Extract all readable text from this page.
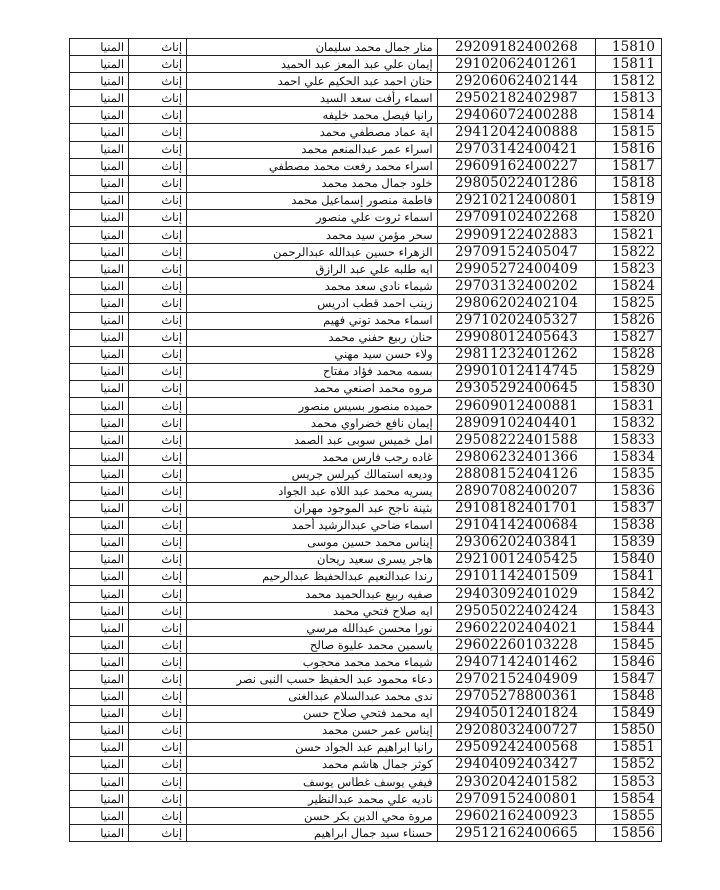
المنيا	إناث	منار جمال محمد سليمان	29209182400268	15810
المنيا	إناث	إيمان علي عبد المعز عبد الحميد	29102062401261	15811
المنيا	إناث	حنان احمد عبد الحكيم علي احمد	29206062402144	15812
المنيا	إناث	اسماء رأفت سعد السيد	29502182402987	15813
المنيا	إناث	رانيا فيصل محمد خليفه	29406072400288	15814
المنيا	إناث	اية عماد مصطفي محمد	29412042400888	15815
المنيا	إناث	اسراء عمر عبدالمنعم محمد	29703142400421	15816
المنيا	إناث	اسراء محمد رفعت محمد مصطفي	29609162400227	15817
المنيا	إناث	خلود جمال محمد محمد	29805022401286	15818
المنيا	إناث	فاطمة منصور إسماعيل محمد	29210212400801	15819
المنيا	إناث	اسماء ثروت علي منصور	29709102402268	15820
المنيا	إناث	سحر مؤمن سيد محمد	29909122402883	15821
المنيا	إناث	الزهراء حسين عبدالله عبدالرحمن	29709152405047	15822
المنيا	إناث	ايه طلبه علي عبد الرازق	29905272400409	15823
المنيا	إناث	شيماء نادى سعد محمد	29703132400202	15824
المنيا	إناث	زينب احمد قطب ادريس	29806202402104	15825
المنيا	إناث	اسماء محمد توني فهيم	29710202405327	15826
المنيا	إناث	حنان ربيع حفني محمد	29908012405643	15827
المنيا	إناث	ولاء حسن سيد مهني	29811232401262	15828
المنيا	إناث	بسمه محمد فؤاد مفتاح	29901012414745	15829
المنيا	إناث	مروه محمد اصنعي محمد	29305292400645	15830
المنيا	إناث	حميده منصور بسيس منصور	29609012400881	15831
المنيا	إناث	إيمان نافع خضراوي محمد	28909102404401	15832
المنيا	إناث	امل خميس سوبى عبد الصمد	29508222401588	15833
المنيا	إناث	غاده رجب فارس محمد	29806232401366	15834
المنيا	إناث	وديعه استمالك كيرلس جريس	28808152404126	15835
المنيا	إناث	يسريه محمد عبد اللاه عبد الجواد	28907082400207	15836
المنيا	إناث	بثينة ناجح عبد الموجود مهران	29108182401701	15837
المنيا	إناث	اسماء ضاحي عبدالرشيد أحمد	29104142400684	15838
المنيا	إناث	إيناس محمد حسين موسى	29306202403841	15839
المنيا	إناث	هاجر يسرى سعيد ريحان	29210012405425	15840
المنيا	إناث	رندا عبدالنعيم عبدالحفيظ عبدالرحيم	29101142401509	15841
المنيا	إناث	صفيه ربيع عبدالحميد محمد	29403092401029	15842
المنيا	إناث	ايه صلاح فتحي محمد	29505022402424	15843
المنيا	إناث	نورا محسن عبدالله مرسي	29602202404021	15844
المنيا	إناث	ياسمين محمد عليوة صالح	29602260103228	15845
المنيا	إناث	شيماء محمد محمد محجوب	29407142401462	15846
المنيا	إناث	دعاء محمود عبد الحفيظ حسب النبى نصر	29702152404909	15847
المنيا	إناث	ندى محمد عبدالسلام عبدالغنى	29705278800361	15848
المنيا	إناث	ايه محمد فتحي صلاح حسن	29405012401824	15849
المنيا	إناث	إيناس عمر حسن محمد	29208032400727	15850
المنيا	إناث	رانيا ابراهيم عبد الجواد حسن	29509242400568	15851
المنيا	إناث	كوثر جمال هاشم محمد	29404092403427	15852
المنيا	إناث	فيفي يوسف غطاس يوسف	29302042401582	15853
المنيا	إناث	ناديه علي محمد عبدالنظير	29709152400801	15854
المنيا	إناث	مروة محي الدين بكر حسن	29602162400923	15855
المنيا	إناث	حسناء سيد جمال ابراهيم	29512162400665	15856
